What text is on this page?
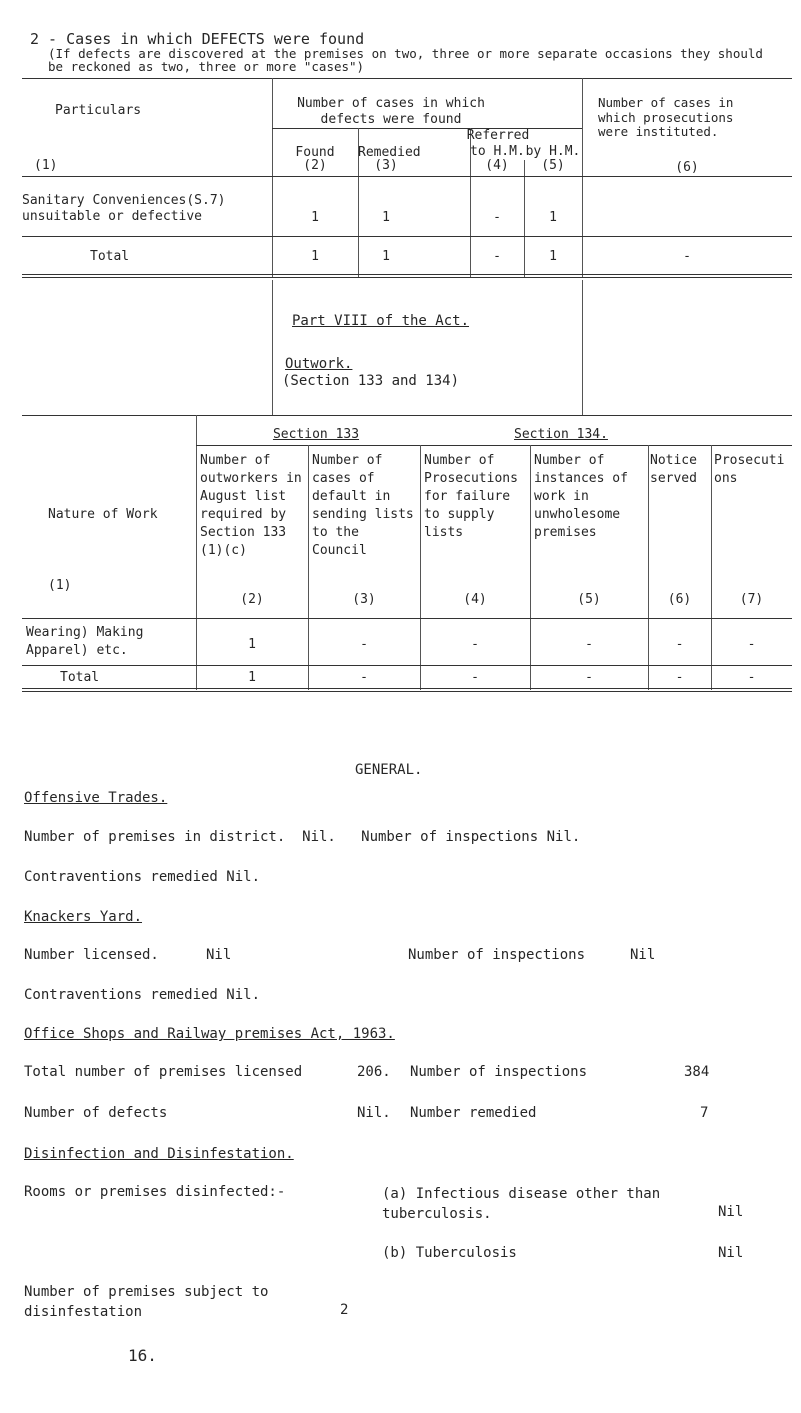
2 - Cases in which DEFECTS were found
(If defects are discovered at the premises on two, three or more separate occasions they should be reckoned as two, three or more "cases")
Particulars
(1)
Number of cases in which defects were found
Found
(2)
Remedied
(3)
Referred
to H.M.
(4)
by H.M.
(5)
Number of cases in which prosecutions were instituted.
(6)
Sanitary Conveniences(S.7) unsuitable or defective	1	1	-	1
Total	1	1	-	1	-
Part VIII of the Act.
Outwork.
(Section 133 and 134)
Section 133	Section 134.
Nature of Work
(1)
Number of outworkers in August list required by Section 133 (1)(c)
(2)
Number of cases of default in sending lists to the Council
(3)
Number of Prosecutions for failure to supply lists
(4)
Number of instances of work in unwholesome premises
(5)
Notice served
(6)
Prosecutions
(7)
Wearing) Making Apparel) etc.	1	-	-	-	-	-
Total	1	-	-	-	-	-
GENERAL.
Offensive Trades.
Number of premises in district.  Nil.   Number of inspections Nil.
Contraventions remedied Nil.
Knackers Yard.
Number licensed.	Nil	Number of inspections	Nil
Contraventions remedied Nil.
Office Shops and Railway premises Act, 1963.
Total number of premises licensed	206. Number of inspections	384
Number of defects	Nil. Number remedied	7
Disinfection and Disinfestation.
Rooms or premises disinfected:-	(a) Infectious disease other than tuberculosis.	Nil
(b) Tuberculosis	Nil
Number of premises subject to disinfestation	2
16.
